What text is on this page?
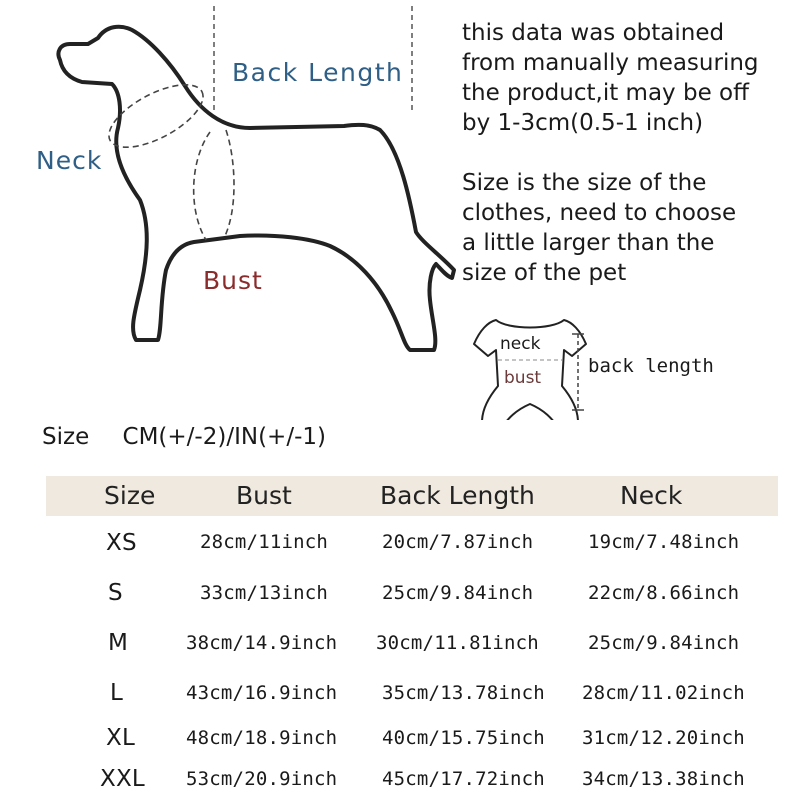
Neck
Back Length
Bust

this data was obtained
from manually measuring
the product,it may be off
by 1-3cm(0.5-1 inch)

Size is the size of the
clothes, need to choose
a little larger than the
size of the pet

neck
bust
back length
Size CM(+/-2)/IN(+/-1)
Size	Bust	Back Length	Neck
XS	28cm/11inch	20cm/7.87inch	19cm/7.48inch
S	33cm/13inch	25cm/9.84inch	22cm/8.66inch
M	38cm/14.9inch 30cm/11.81inch	25cm/9.84inch
L	43cm/16.9inch 35cm/13.78inch 28cm/11.02inch
XL	48cm/18.9inch 40cm/15.75inch 31cm/12.20inch
XXL 53cm/20.9inch 45cm/17.72inch 34cm/13.38inch
